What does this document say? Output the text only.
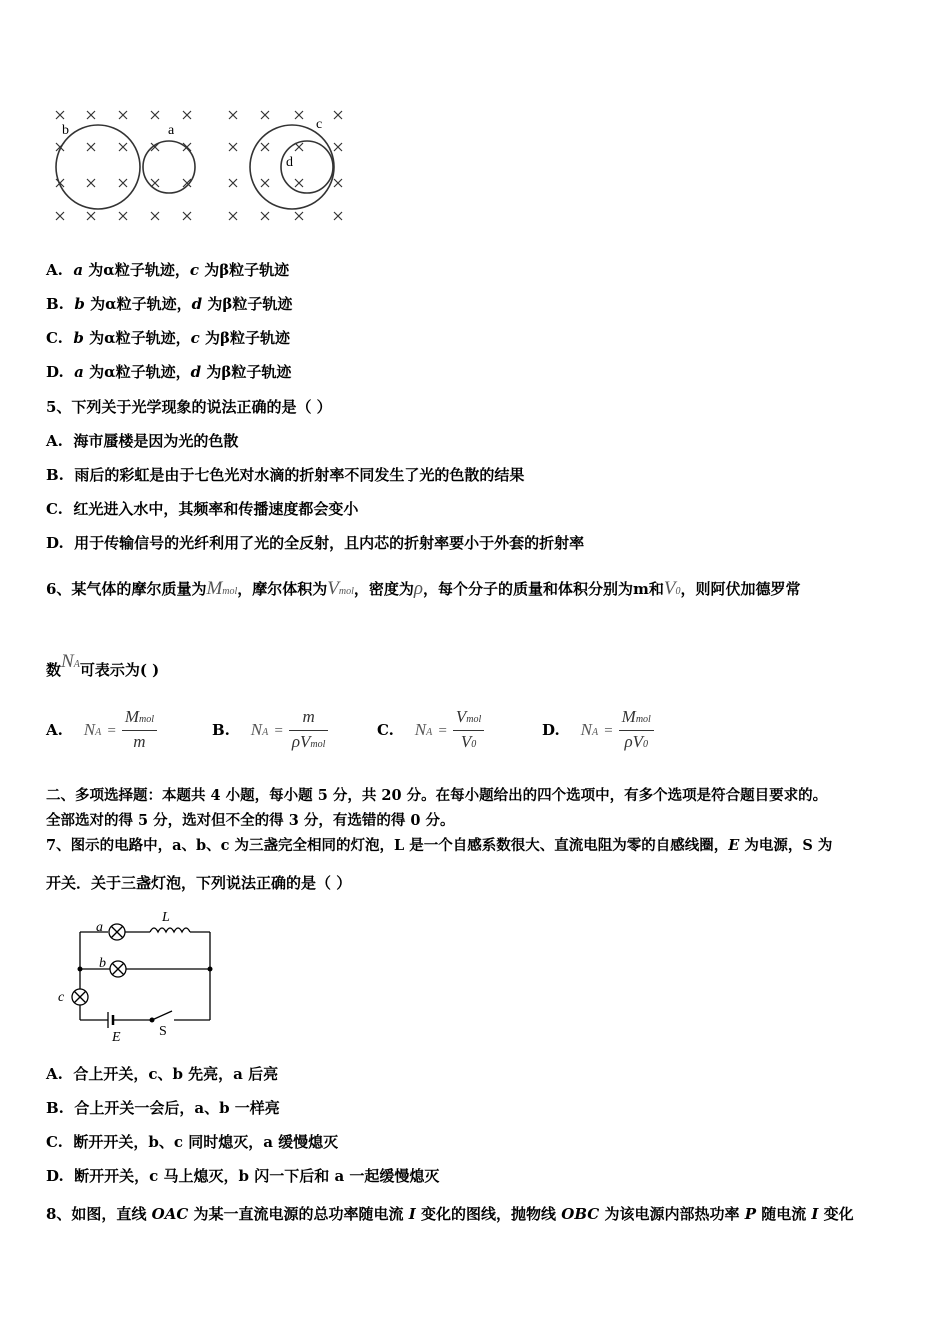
b	a	c
d
A. a 为α粒子轨迹，c 为β粒子轨迹
B. b 为α粒子轨迹，d 为β粒子轨迹
C. b 为α粒子轨迹，c 为β粒子轨迹
D. a 为α粒子轨迹，d 为β粒子轨迹
5、下列关于光学现象的说法正确的是（ ）
A. 海市蜃楼是因为光的色散
B. 雨后的彩虹是由于七色光对水滴的折射率不同发生了光的色散的结果
C. 红光进入水中，其频率和传播速度都会变小
D. 用于传输信号的光纤利用了光的全反射，且内芯的折射率要小于外套的折射率
6、某气体的摩尔质量为Mmol，摩尔体积为Vmol，密度为ρ，每个分子的质量和体积分别为m和V0，则阿伏加德罗常
数NA可表示为( )
A. NA = $\frac{\text{Mmol}}{m}$	B. NA = $\frac{m}{\text{ρVmol}}$	C. NA = $\frac{\text{Vmol}}{V0}$	D. NA = $\frac{\text{Mmol}}{\rho V0}$
二、多项选择题：本题共 4 小题，每小题 5 分，共 20 分。在每小题给出的四个选项中，有多个选项是符合题目要求的。
全部选对的得 5 分，选对但不全的得 3 分，有选错的得 0 分。
7、图示的电路中，a、b、c 为三盏完全相同的灯泡，L 是一个自感系数很大、直流电阻为零的自感线圈，E 为电源，S 为
开关．关于三盏灯泡，下列说法正确的是（ ）
a
L
b
c
E	S
A. 合上开关，c、b 先亮，a 后亮
B. 合上开关一会后，a、b 一样亮
C. 断开开关，b、c 同时熄灭，a 缓慢熄灭
D. 断开开关，c 马上熄灭，b 闪一下后和 a 一起缓慢熄灭
8、如图，直线 OAC 为某一直流电源的总功率随电流 I 变化的图线，抛物线 OBC 为该电源内部热功率 P 随电流 I 变化
